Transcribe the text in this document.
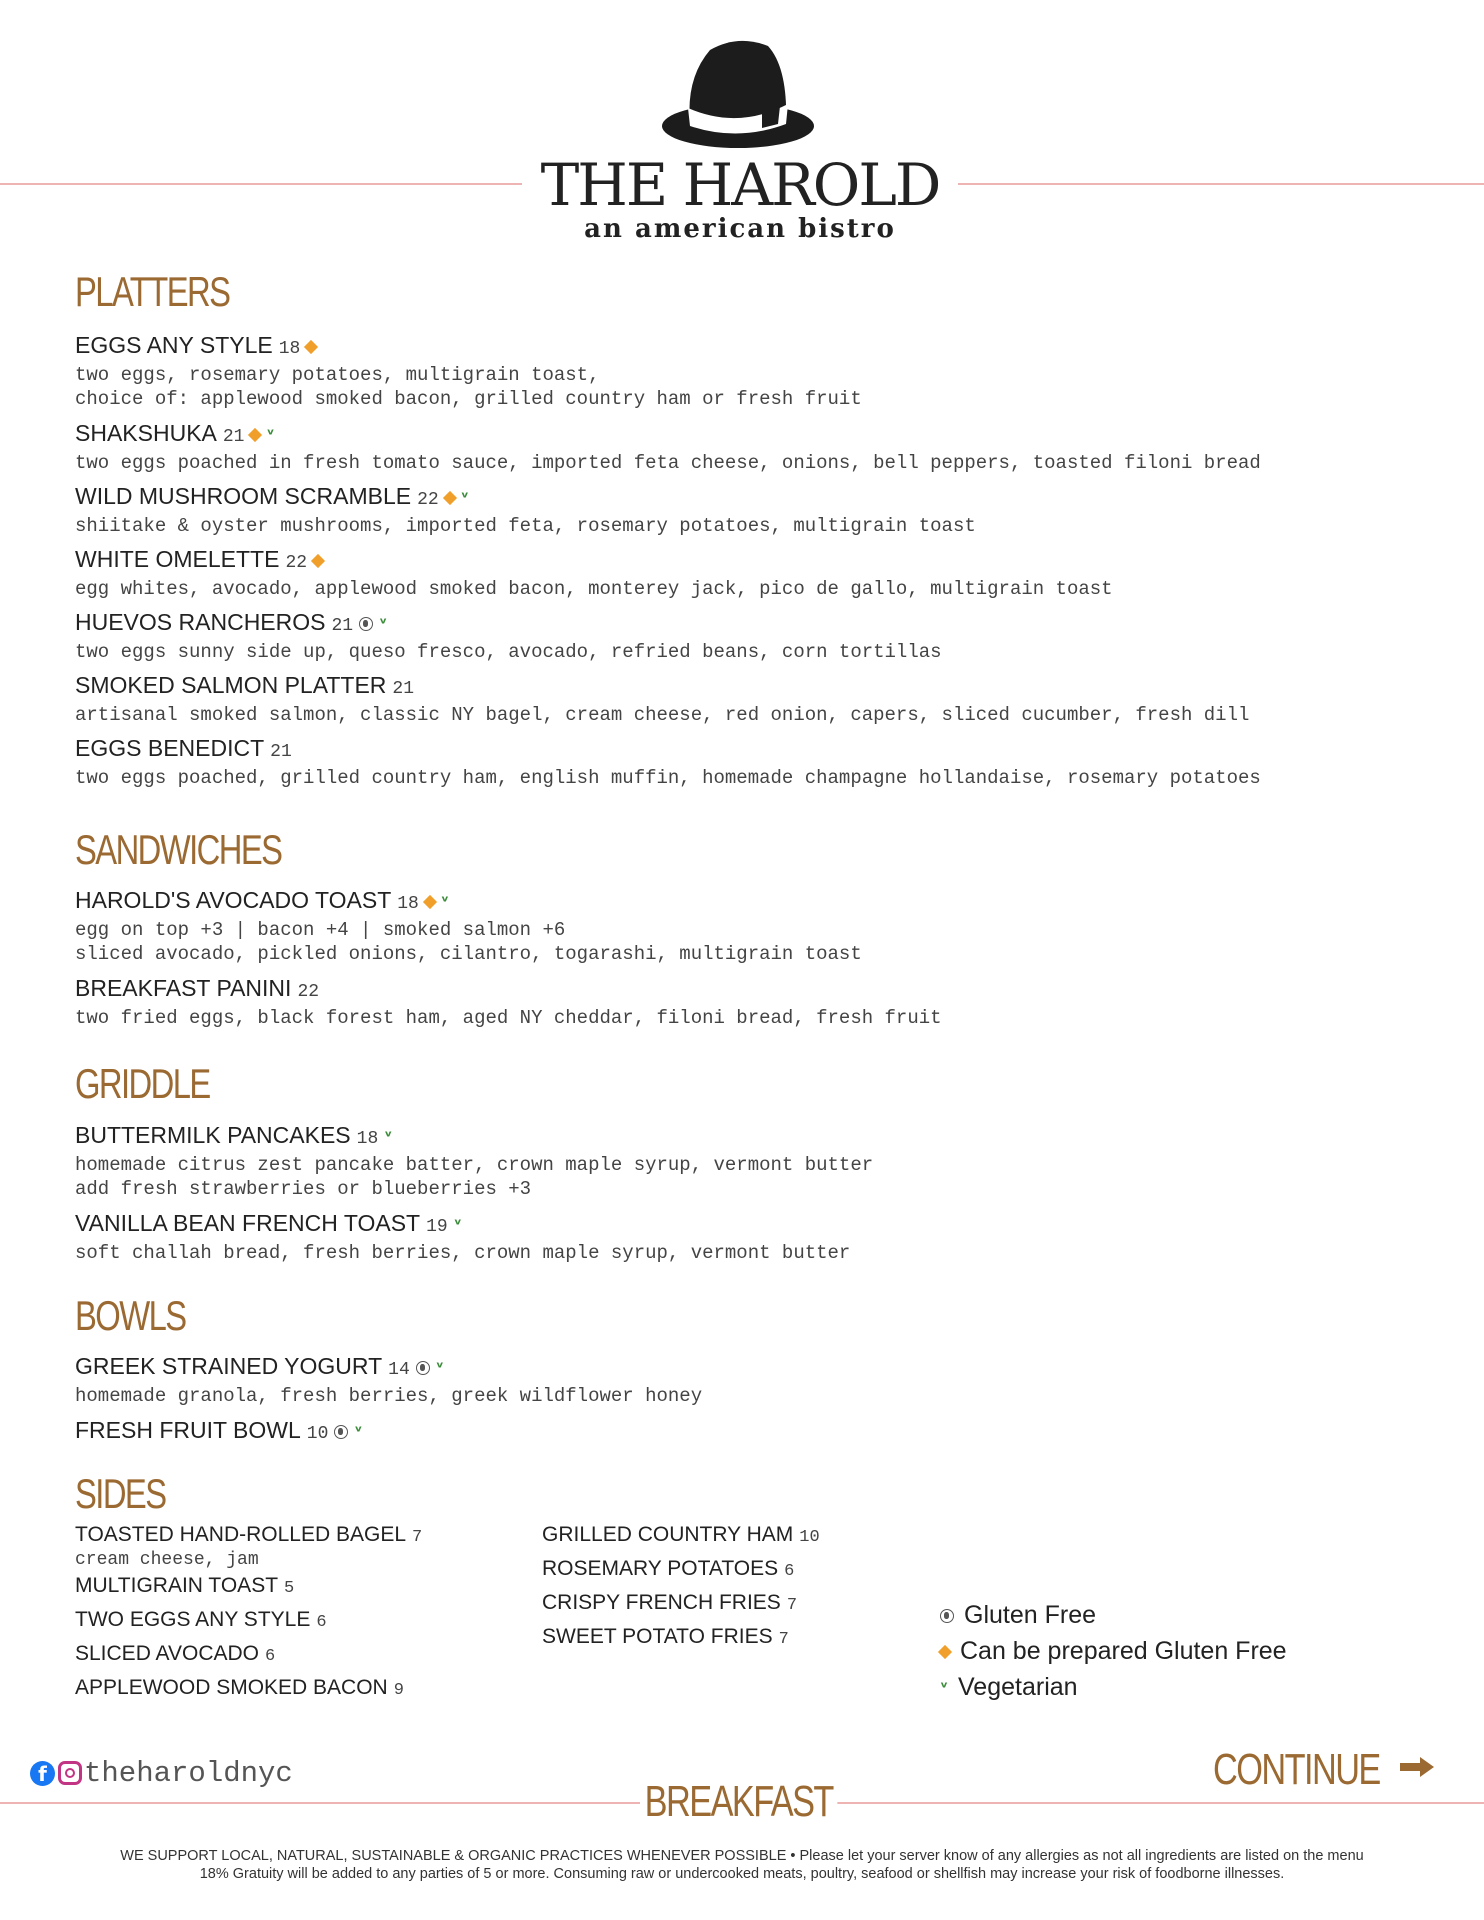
THE HAROLD
an american bistro
PLATTERS
EGGS ANY STYLE 18
two eggs, rosemary potatoes, multigrain toast,
choice of: applewood smoked bacon, grilled country ham or fresh fruit
SHAKSHUKA 21 ᵛ
two eggs poached in fresh tomato sauce, imported feta cheese, onions, bell peppers, toasted filoni bread
WILD MUSHROOM SCRAMBLE 22 ᵛ
shiitake & oyster mushrooms, imported feta, rosemary potatoes, multigrain toast
WHITE OMELETTE 22
egg whites, avocado, applewood smoked bacon, monterey jack, pico de gallo, multigrain toast
HUEVOS RANCHEROS 21 ᵛ
two eggs sunny side up, queso fresco, avocado, refried beans, corn tortillas
SMOKED SALMON PLATTER 21
artisanal smoked salmon, classic NY bagel, cream cheese, red onion, capers, sliced cucumber, fresh dill
EGGS BENEDICT 21
two eggs poached, grilled country ham, english muffin, homemade champagne hollandaise, rosemary potatoes
SANDWICHES
HAROLD'S AVOCADO TOAST 18 ᵛ
egg on top +3 | bacon +4 | smoked salmon +6
sliced avocado, pickled onions, cilantro, togarashi, multigrain toast
BREAKFAST PANINI 22
two fried eggs, black forest ham, aged NY cheddar, filoni bread, fresh fruit
GRIDDLE
BUTTERMILK PANCAKES 18 ᵛ
homemade citrus zest pancake batter, crown maple syrup, vermont butter
add fresh strawberries or blueberries +3
VANILLA BEAN FRENCH TOAST 19 ᵛ
soft challah bread, fresh berries, crown maple syrup, vermont butter
BOWLS
GREEK STRAINED YOGURT 14 ᵛ
homemade granola, fresh berries, greek wildflower honey
FRESH FRUIT BOWL 10 ᵛ
SIDES
TOASTED HAND-ROLLED BAGEL 7
cream cheese, jam
MULTIGRAIN TOAST 5
TWO EGGS ANY STYLE 6
SLICED AVOCADO 6
APPLEWOOD SMOKED BACON 9
GRILLED COUNTRY HAM 10
ROSEMARY POTATOES 6
CRISPY FRENCH FRIES 7
SWEET POTATO FRIES 7
Gluten Free
Can be prepared Gluten Free
ᵛ Vegetarian
f theharoldnyc	CONTINUE
BREAKFAST
WE SUPPORT LOCAL, NATURAL, SUSTAINABLE & ORGANIC PRACTICES WHENEVER POSSIBLE • Please let your server know of any allergies as not all ingredients are listed on the menu
18% Gratuity will be added to any parties of 5 or more. Consuming raw or undercooked meats, poultry, seafood or shellfish may increase your risk of foodborne illnesses.
